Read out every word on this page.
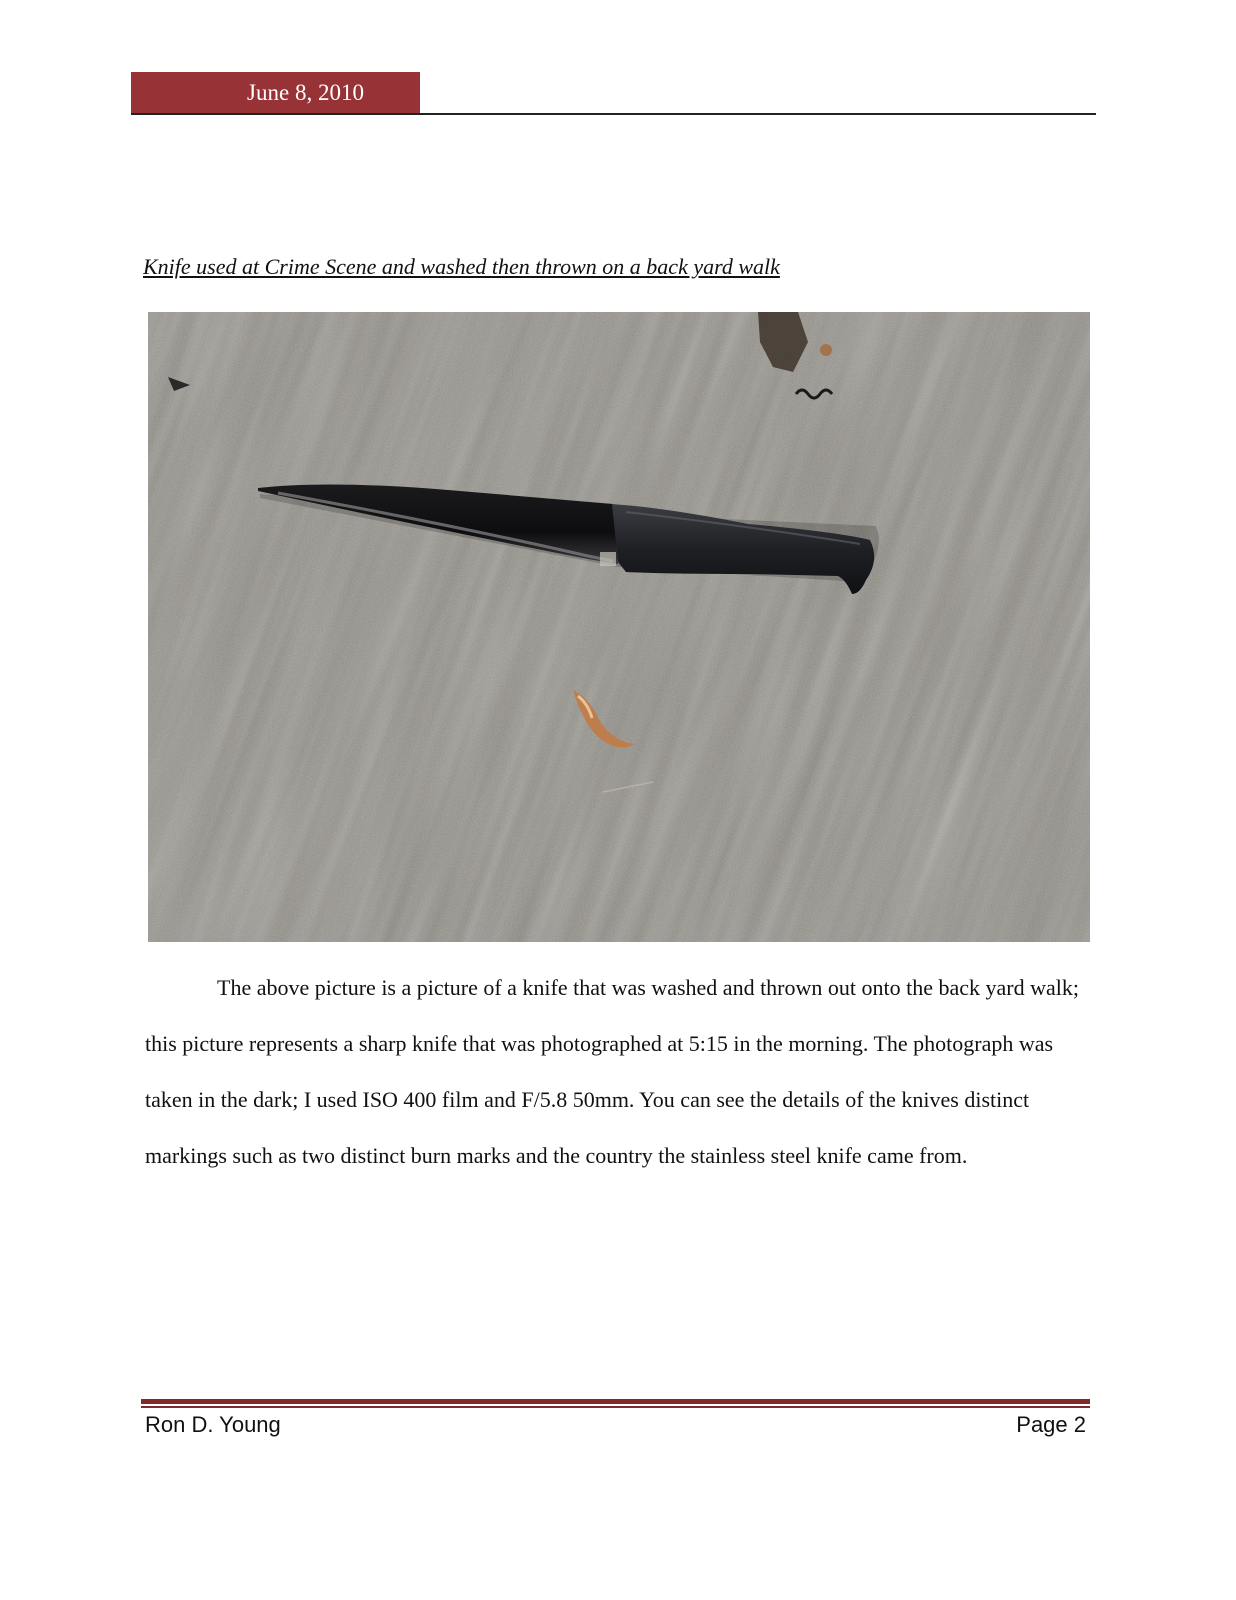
June 8, 2010
Knife used at Crime Scene and washed then thrown on a back yard walk

The above picture is a picture of a knife that was washed and thrown out onto the back yard walk; this picture represents a sharp knife that was photographed at 5:15 in the morning. The photograph was taken in the dark; I used ISO 400 film and F/5.8 50mm. You can see the details of the knives distinct markings such as two distinct burn marks and the country the stainless steel knife came from.

Ron D. Young	Page 2
